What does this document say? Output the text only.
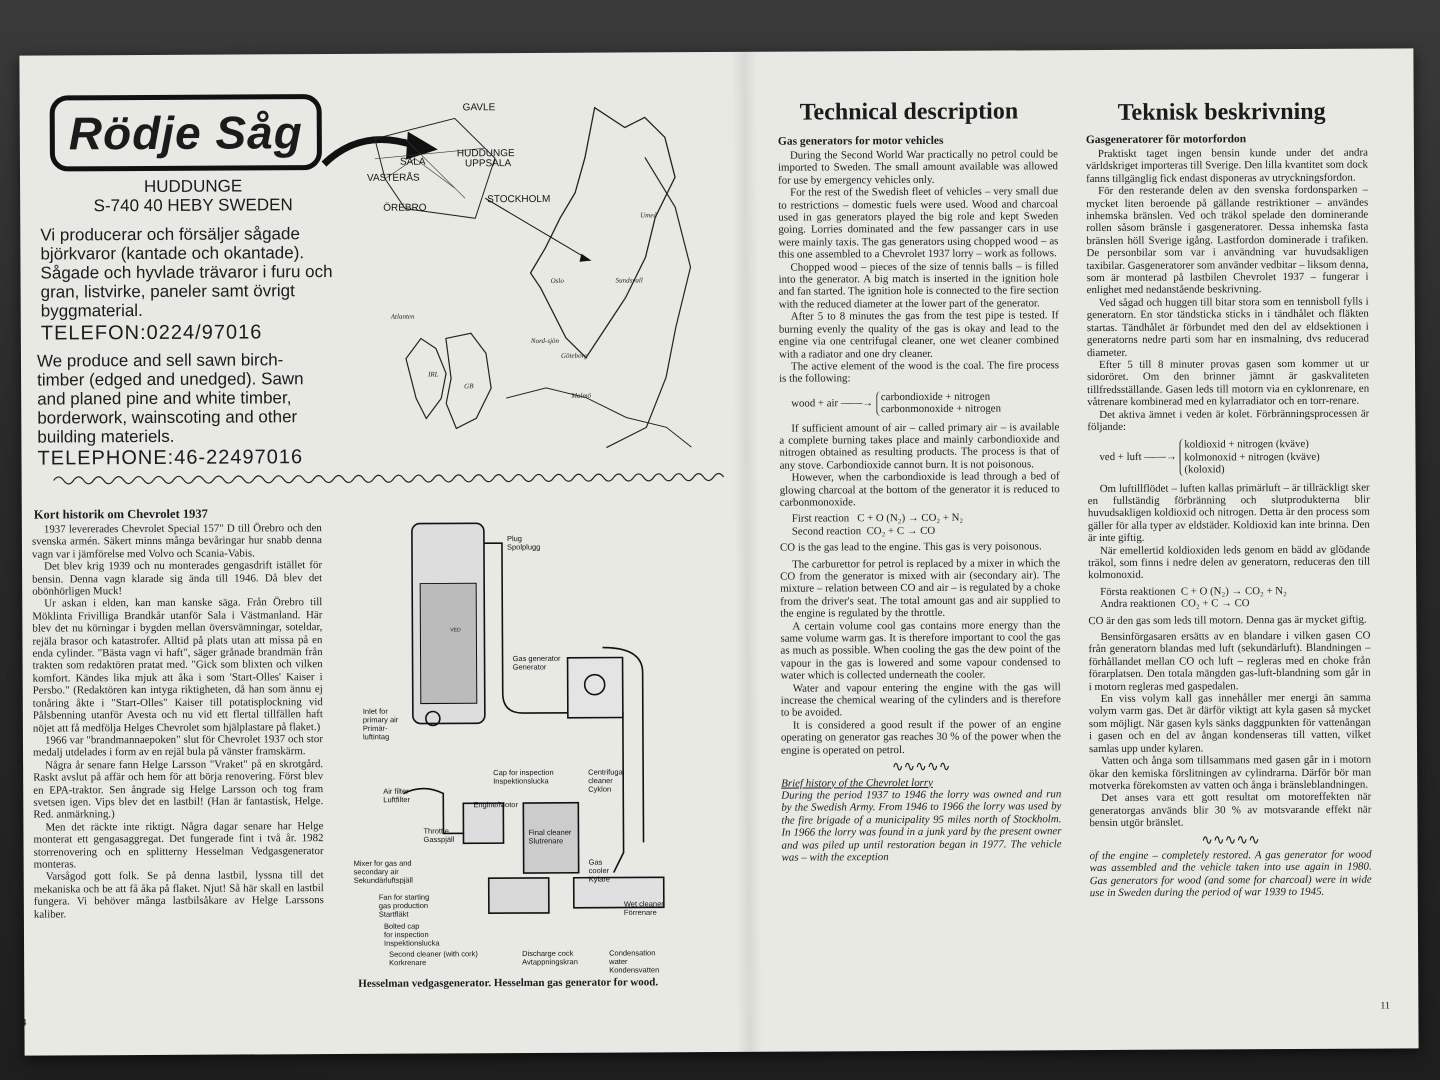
Rödje Såg
HUDDUNGE
S-740 40 HEBY SWEDEN
Vi producerar och försäljer sågade björkvaror (kantade och okantade). Sågade och hyvlade trävaror i furu och gran, listvirke, paneler samt övrigt byggmaterial.
TELEFON:0224/97016
We produce and sell sawn birch-timber (edged and unedged). Sawn and planed pine and white timber, borderwork, wainscoting and other building materiels.
TELEPHONE:46-22497016
GAVLE
HUDDUNGE
UPPSALA
SALA
VASTERÅS
ÖREBRO
STOCKHOLM
Atlanten
Nord-sjön
IRL
GB
Umeå
Sundsvall
Oslo
Göteborg
Malmö
Kort historik om Chevrolet 1937

1937 levererades Chevrolet Special 157" D till Örebro och den svenska armén. Säkert minns många bevåringar hur snabb denna vagn var i jämförelse med Volvo och Scania-Vabis.

Det blev krig 1939 och nu monterades gengasdrift istället för bensin. Denna vagn klarade sig ända till 1946. Då blev det obönhörligen Muck!

Ur askan i elden, kan man kanske säga. Från Örebro till Möklinta Frivilliga Brandkår utanför Sala i Västmanland. Här blev det nu körningar i bygden mellan översvämningar, soteldar, rejäla brasor och katastrofer. Alltid på plats utan att missa på en enda cylinder. "Bästa vagn vi haft", säger grånade brandmän från trakten som redaktören pratat med. "Gick som blixten och vilken komfort. Kändes lika mjuk att åka i som 'Start-Olles' Kaiser i Persbo." (Redaktören kan intyga riktigheten, då han som ännu ej tonåring åkte i "Start-Olles" Kaiser till potatisplockning vid Pålsbenning utanför Avesta och nu vid ett flertal tillfällen haft nöjet att få medfölja Helges Chevrolet som hjälplastare på flaket.)

1966 var "brandmannaepoken" slut för Chevrolet 1937 och stor medalj utdelades i form av en rejäl bula på vänster framskärm.

Några år senare fann Helge Larsson "Vraket" på en skrotgård. Raskt avslut på affär och hem för att börja renovering. Först blev en EPA-traktor. Sen ångrade sig Helge Larsson och tog fram svetsen igen. Vips blev det en lastbil! (Han är fantastisk, Helge. Red. anmärkning.)

Men det räckte inte riktigt. Några dagar senare har Helge monterat ett gengasaggregat. Det fungerade fint i två år. 1982 storrenovering och en splitterny Hesselman Vedgasgenerator monteras.

Varsågod gott folk. Se på denna lastbil, lyssna till det mekaniska och be att få åka på flaket. Njut! Så här skall en lastbil fungera. Vi behöver många lastbilsåkare av Helge Larssons kaliber.

Plug Spolplugg
VED
Gas generator Generator
Inlet for primary air Primär-luftintag
Cap for inspection Inspektionslucka
Centrifugal cleaner Cyklon
Air filter Luftfilter
Engine/Motor
Throttle Gasspjäll
Final cleaner Slutrenare
Mixer for gas and secondary air Sekundärluftspjäll
Gas cooler Kylare
Fan for starting gas production Startfläkt
Wet cleaner Förrenare
Bolted cap for inspection Inspektionslucka
Second cleaner (with cork) Korkrenare
Discharge cock Avtappningskran
Condensation water Kondensvatten
Hesselman vedgasgenerator. Hesselman gas generator for wood.
14
Technical description
Gas generators for motor vehicles

During the Second World War practically no petrol could be imported to Sweden. The small amount available was allowed for use by emergency vehicles only.

For the rest of the Swedish fleet of vehicles – very small due to restrictions – domestic fuels were used. Wood and charcoal used in gas generators played the big role and kept Sweden going. Lorries dominated and the few passanger cars in use were mainly taxis. The gas generators using chopped wood – as this one assembled to a Chevrolet 1937 lorry – work as follows.

Chopped wood – pieces of the size of tennis balls – is filled into the generator. A big match is inserted in the ignition hole and fan started. The ignition hole is connected to the fire section with the reduced diameter at the lower part of the generator.

After 5 to 8 minutes the gas from the test pipe is tested. If burning evenly the quality of the gas is okay and lead to the engine via one centrifugal cleaner, one wet cleaner combined with a radiator and one dry cleaner.

The active element of the wood is the coal. The fire process is the following:

wood + air ——→
carbondioxide + nitrogen
carbonmonoxide + nitrogen

If sufficient amount of air – called primary air – is available a complete burning takes place and mainly carbondioxide and nitrogen obtained as resulting products. The process is that of any stove. Carbondioxide cannot burn. It is not poisonous.

However, when the carbondioxide is lead through a bed of glowing charcoal at the bottom of the generator it is reduced to carbonmonoxide.

First reaction C + O (N₂) → CO₂ + N₂
Second reaction CO₂ + C → CO
CO is the gas lead to the engine. This gas is very poisonous.

The carburettor for petrol is replaced by a mixer in which the CO from the generator is mixed with air (secondary air). The mixture – relation between CO and air – is regulated by a choke from the driver's seat. The total amount gas and air supplied to the engine is regulated by the throttle.

A certain volume cool gas contains more energy than the same volume warm gas. It is therefore important to cool the gas as much as possible. When cooling the gas the dew point of the vapour in the gas is lowered and some vapour condensed to water which is collected underneath the cooler.

Water and vapour entering the engine with the gas will increase the chemical wearing of the cylinders and is therefore to be avoided.

It is considered a good result if the power of an engine operating on generator gas reaches 30 % of the power when the engine is operated on petrol.

∿∿∿∿∿
Brief history of the Chevrolet lorry
During the period 1937 to 1946 the lorry was owned and run by the Swedish Army. From 1946 to 1966 the lorry was used by the fire brigade of a municipality 95 miles north of Stockholm. In 1966 the lorry was found in a junk yard by the present owner and was piled up until restoration began in 1977. The vehicle was – with the exception
Teknisk beskrivning
Gasgeneratorer för motorfordon

Praktiskt taget ingen bensin kunde under det andra världskriget importeras till Sverige. Den lilla kvantitet som dock fanns tillgänglig fick endast disponeras av utryckningsfordon.

För den resterande delen av den svenska fordonsparken – mycket liten beroende på gällande restriktioner – användes inhemska bränslen. Ved och träkol spelade den dominerande rollen såsom bränsle i gasgeneratorer. Dessa inhemska fasta bränslen höll Sverige igång. Lastfordon dominerade i trafiken. De personbilar som var i användning var huvudsakligen taxibilar. Gasgeneratorer som använder vedbitar – liksom denna, som är monterad på lastbilen Chevrolet 1937 – fungerar i enlighet med nedanstående beskrivning.

Ved sågad och huggen till bitar stora som en tennisboll fylls i generatorn. En stor tändsticka sticks in i tändhålet och fläkten startas. Tändhålet är förbundet med den del av eldsektionen i generatorns nedre parti som har en insmalning, dvs reducerad diameter.

Efter 5 till 8 minuter provas gasen som kommer ut ur sidoröret. Om den brinner jämnt är gaskvaliteten tillfredsställande. Gasen leds till motorn via en cyklonrenare, en våtrenare kombinerad med en kylarradiator och en torr-renare.

Det aktiva ämnet i veden är kolet. Förbränningsprocessen är följande:

ved + luft ——→
koldioxid + nitrogen (kväve)
kolmonoxid + nitrogen (kväve)
(koloxid)

Om luftillflödet – luften kallas primärluft – är tillräckligt sker en fullständig förbränning och slutprodukterna blir huvudsakligen koldioxid och nitrogen. Detta är den process som gäller för alla typer av eldstäder. Koldioxid kan inte brinna. Den är inte giftig.

När emellertid koldioxiden leds genom en bädd av glödande träkol, som finns i nedre delen av generatorn, reduceras den till kolmonoxid.

Första reaktionen C + O (N₂) → CO₂ + N₂
Andra reaktionen CO₂ + C → CO
CO är den gas som leds till motorn. Denna gas är mycket giftig.

Bensinförgasaren ersätts av en blandare i vilken gasen CO från generatorn blandas med luft (sekundärluft). Blandningen – förhållandet mellan CO och luft – regleras med en choke från förarplatsen. Den totala mängden gas-luft-blandning som går in i motorn regleras med gaspedalen.

En viss volym kall gas innehåller mer energi än samma volym varm gas. Det är därför viktigt att kyla gasen så mycket som möjligt. När gasen kyls sänks daggpunkten för vattenångan i gasen och en del av ångan kondenseras till vatten, vilket samlas upp under kylaren.

Vatten och ånga som tillsammans med gasen går in i motorn ökar den kemiska förslitningen av cylindrarna. Därför bör man motverka förekomsten av vatten och ånga i bränsleblandningen.

Det anses vara ett gott resultat om motoreffekten när generatorgas används blir 30 % av motsvarande effekt när bensin utgör bränslet.

∿∿∿∿∿
of the engine – completely restored. A gas generator for wood was assembled and the vehicle taken into use again in 1980. Gas generators for wood (and some for charcoal) were in wide use in Sweden during the period of war 1939 to 1945.
11
